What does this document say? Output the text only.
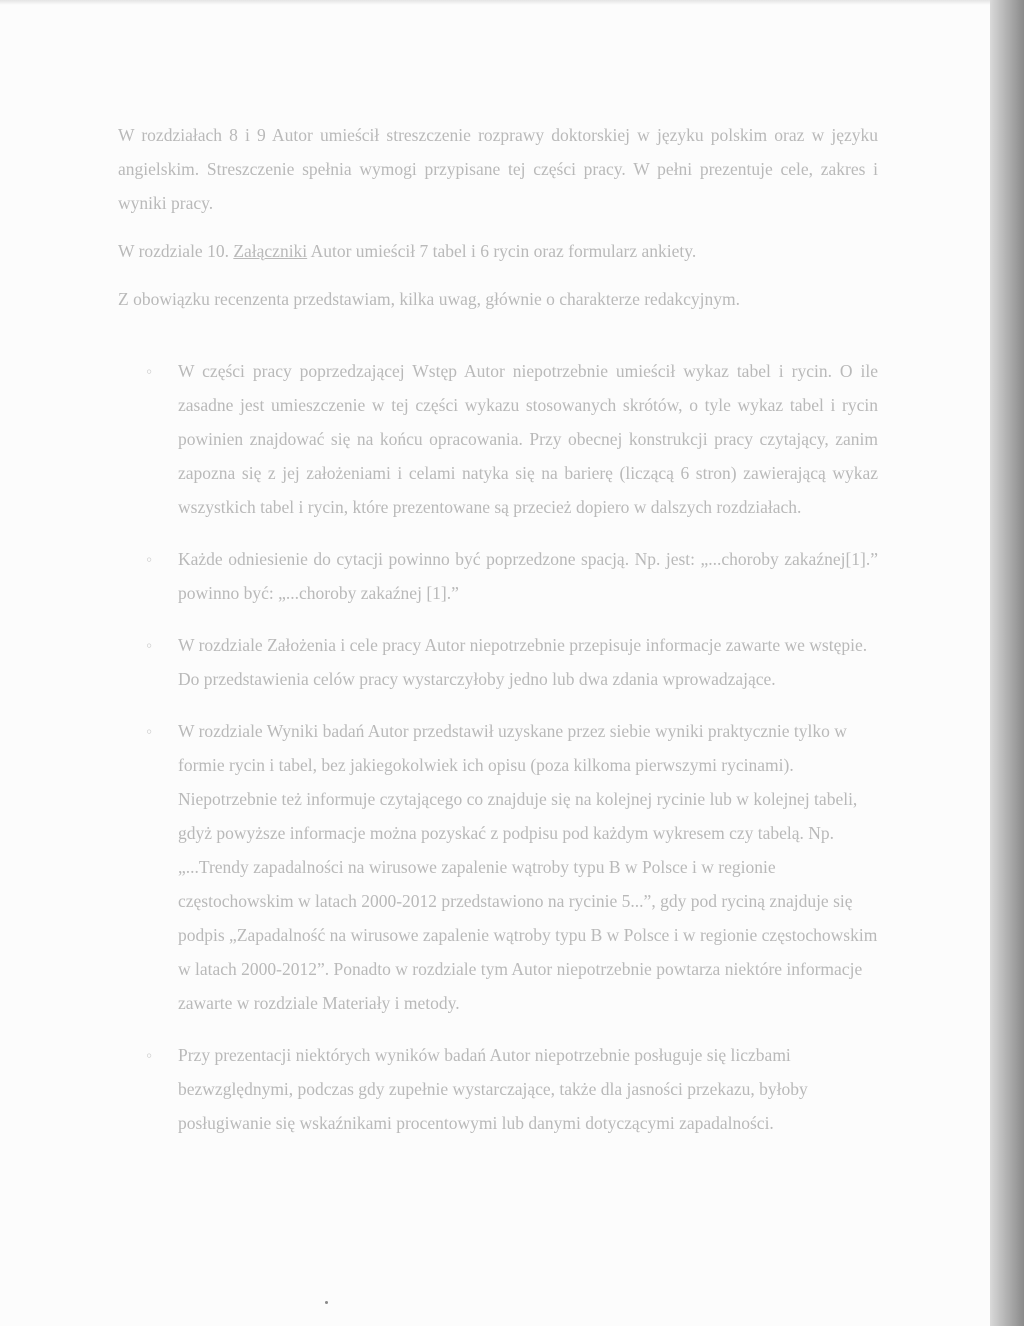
W rozdziałach 8 i 9 Autor umieścił streszczenie rozprawy doktorskiej w języku polskim oraz w języku angielskim. Streszczenie spełnia wymogi przypisane tej części pracy. W pełni prezentuje cele, zakres i wyniki pracy.

W rozdziale 10. Załączniki Autor umieścił 7 tabel i 6 rycin oraz formularz ankiety.

Z obowiązku recenzenta przedstawiam, kilka uwag, głównie o charakterze redakcyjnym.

◦ W części pracy poprzedzającej Wstęp Autor niepotrzebnie umieścił wykaz tabel i rycin. O ile zasadne jest umieszczenie w tej części wykazu stosowanych skrótów, o tyle wykaz tabel i rycin powinien znajdować się na końcu opracowania. Przy obecnej konstrukcji pracy czytający, zanim zapozna się z jej założeniami i celami natyka się na barierę (liczącą 6 stron) zawierającą wykaz wszystkich tabel i rycin, które prezentowane są przecież dopiero w dalszych rozdziałach.
◦ Każde odniesienie do cytacji powinno być poprzedzone spacją. Np. jest: „...choroby zakaźnej[1].” powinno być: „...choroby zakaźnej [1].”
◦ W rozdziale Założenia i cele pracy Autor niepotrzebnie przepisuje informacje zawarte we wstępie. Do przedstawienia celów pracy wystarczyłoby jedno lub dwa zdania wprowadzające.
◦ W rozdziale Wyniki badań Autor przedstawił uzyskane przez siebie wyniki praktycznie tylko w formie rycin i tabel, bez jakiegokolwiek ich opisu (poza kilkoma pierwszymi rycinami). Niepotrzebnie też informuje czytającego co znajduje się na kolejnej rycinie lub w kolejnej tabeli, gdyż powyższe informacje można pozyskać z podpisu pod każdym wykresem czy tabelą. Np. „...Trendy zapadalności na wirusowe zapalenie wątroby typu B w Polsce i w regionie częstochowskim w latach 2000-2012 przedstawiono na rycinie 5...”, gdy pod ryciną znajduje się podpis „Zapadalność na wirusowe zapalenie wątroby typu B w Polsce i w regionie częstochowskim w latach 2000-2012”. Ponadto w rozdziale tym Autor niepotrzebnie powtarza niektóre informacje zawarte w rozdziale Materiały i metody.
◦ Przy prezentacji niektórych wyników badań Autor niepotrzebnie posługuje się liczbami bezwzględnymi, podczas gdy zupełnie wystarczające, także dla jasności przekazu, byłoby posługiwanie się wskaźnikami procentowymi lub danymi dotyczącymi zapadalności.
